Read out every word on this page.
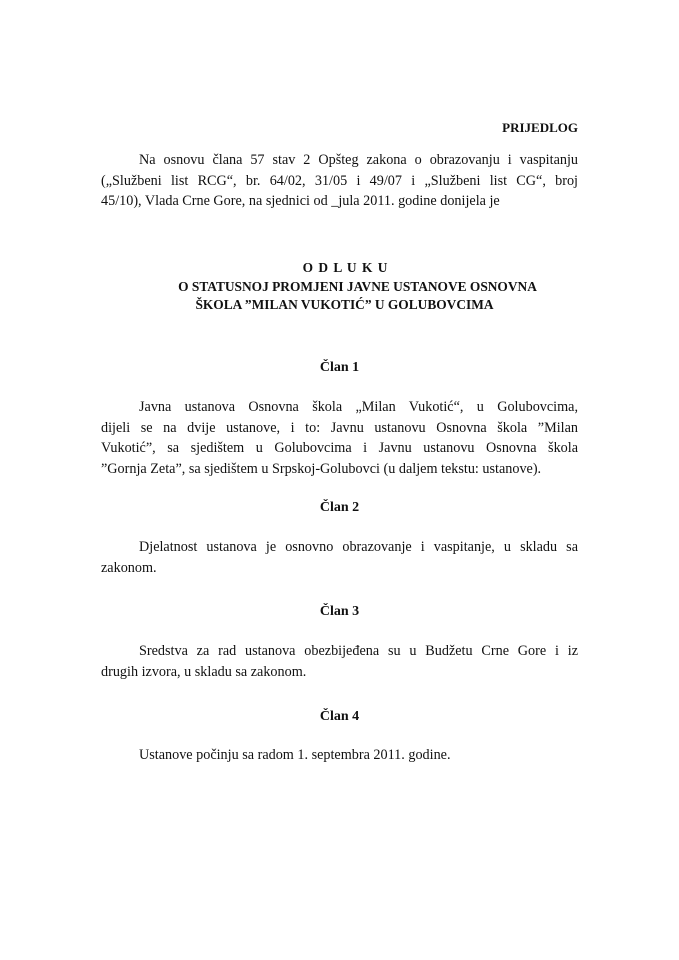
PRIJEDLOG
Na osnovu člana 57 stav 2 Opšteg zakona o obrazovanju i vaspitanju
(„Službeni list RCG“, br. 64/02, 31/05 i 49/07 i „Službeni list CG“, broj
45/10), Vlada Crne Gore, na sjednici od _jula 2011. godine donijela je
O D L U K U
O STATUSNOJ PROMJENI JAVNE USTANOVE OSNOVNA
ŠKOLA ”MILAN VUKOTIĆ” U GOLUBOVCIMA
Član 1
Javna ustanova Osnovna škola „Milan Vukotić“, u Golubovcima,
dijeli se na dvije ustanove, i to: Javnu ustanovu Osnovna škola ”Milan
Vukotić”, sa sjedištem u Golubovcima i Javnu ustanovu Osnovna škola
”Gornja Zeta”, sa sjedištem u Srpskoj-Golubovci (u daljem tekstu: ustanove).
Član 2
Djelatnost ustanova je osnovno obrazovanje i vaspitanje, u skladu sa
zakonom.
Član 3
Sredstva za rad ustanova obezbijeđena su u Budžetu Crne Gore i iz
drugih izvora, u skladu sa zakonom.
Član 4
Ustanove počinju sa radom 1. septembra 2011. godine.
